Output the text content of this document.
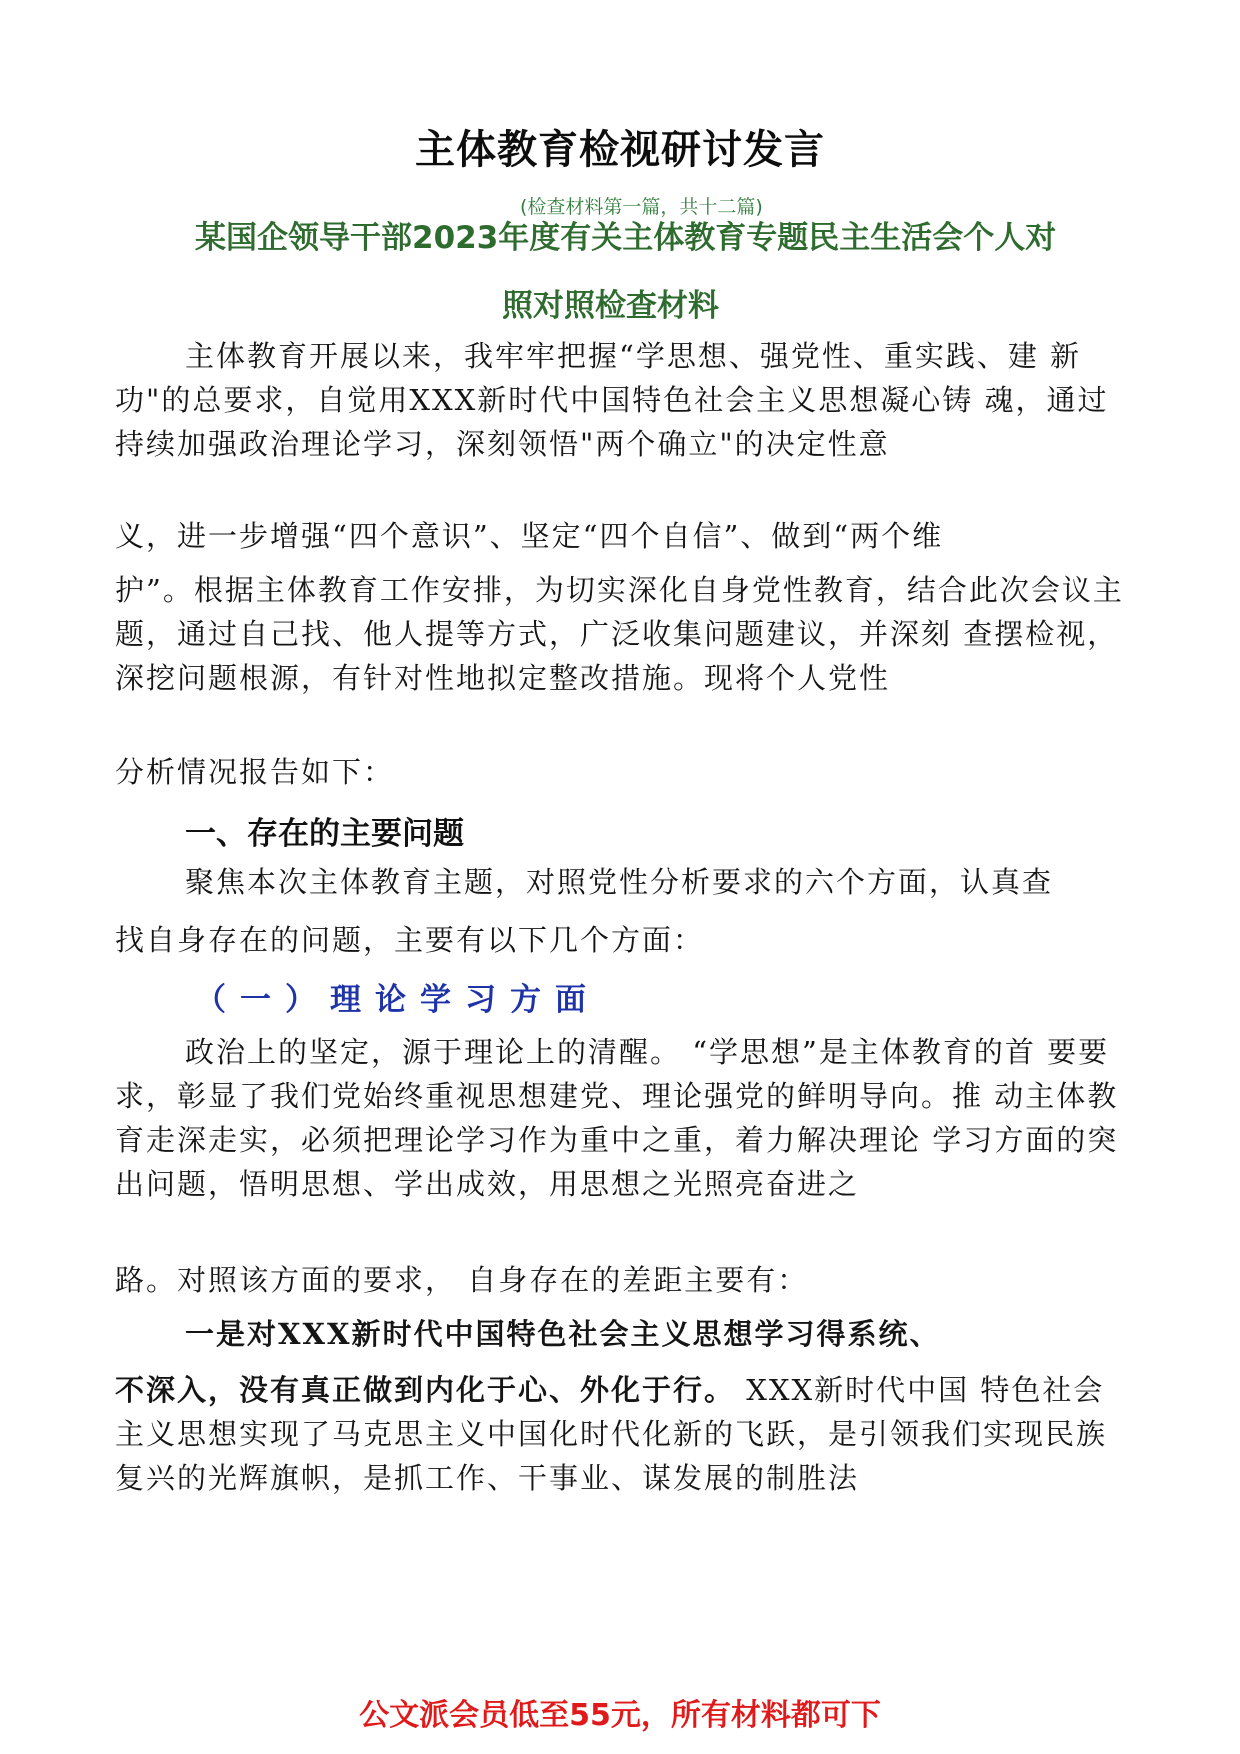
主体教育检视研讨发言
(检查材料第一篇，共十二篇)
某国企领导干部2023年度有关主体教育专题民主生活会个人对
照对照检查材料

主体教育开展以来，我牢牢把握“学思想、强党性、重实践、建 新功"的总要求，自觉用XXX新时代中国特色社会主义思想凝心铸 魂，通过持续加强政治理论学习，深刻领悟"两个确立"的决定性意

义，进一步增强“四个意识”、坚定“四个自信”、做到“两个维

护”。根据主体教育工作安排，为切实深化自身党性教育，结合此次会议主题，通过自己找、他人提等方式，广泛收集问题建议，并深刻 查摆检视，深挖问题根源，有针对性地拟定整改措施。现将个人党性

分析情况报告如下：

一、存在的主要问题

聚焦本次主体教育主题，对照党性分析要求的六个方面，认真查

找自身存在的问题，主要有以下几个方面：

（一）理论学习方面

政治上的坚定，源于理论上的清醒。 “学思想”是主体教育的首 要要求，彰显了我们党始终重视思想建党、理论强党的鲜明导向。推 动主体教育走深走实，必须把理论学习作为重中之重，着力解决理论 学习方面的突出问题，悟明思想、学出成效，用思想之光照亮奋进之

路。对照该方面的要求， 自身存在的差距主要有：

一是对XXX新时代中国特色社会主义思想学习得系统、

不深入，没有真正做到内化于心、外化于行。 XXX新时代中国 特色社会主义思想实现了马克思主义中国化时代化新的飞跃，是引领我们实现民族复兴的光辉旗帜，是抓工作、干事业、谋发展的制胜法

公文派会员低至55元，所有材料都可下
